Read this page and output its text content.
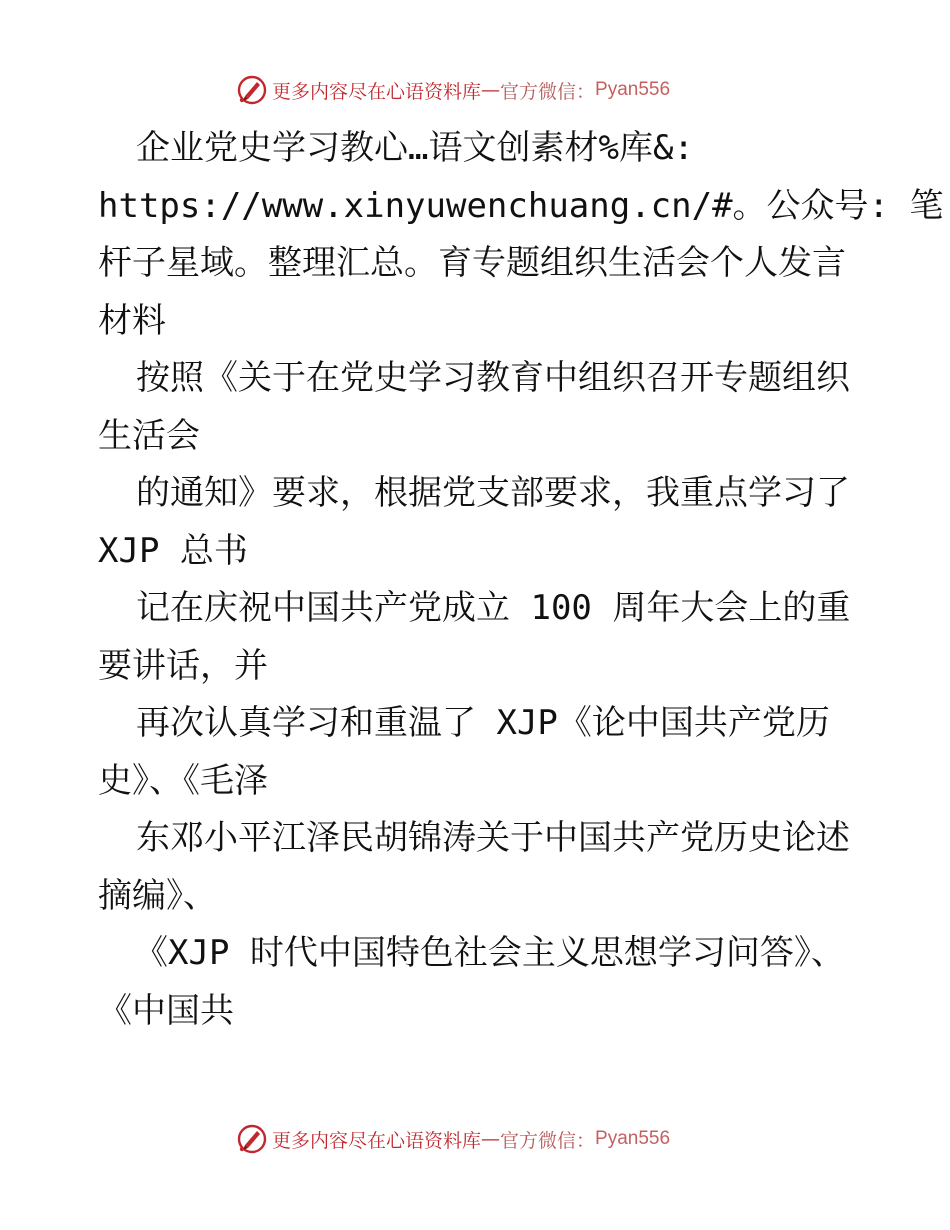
更多内容尽在心语资料库 — 官方微信： Pyan556
企业党史学习教心…语文创素材%库&:
https://www.xinyuwenchuang.cn/#。公众号: 笔
杆子星域。整理汇总。育专题组织生活会个人发言
材料
按照《关于在党史学习教育中组织召开专题组织
生活会
的通知》要求，根据党支部要求，我重点学习了
XJP 总书
记在庆祝中国共产党成立 100 周年大会上的重
要讲话，并
再次认真学习和重温了 XJP《论中国共产党历
史》、《毛泽
东邓小平江泽民胡锦涛关于中国共产党历史论述
摘编》、
《XJP 时代中国特色社会主义思想学习问答》、
《中国共
更多内容尽在心语资料库 — 官方微信： Pyan556
